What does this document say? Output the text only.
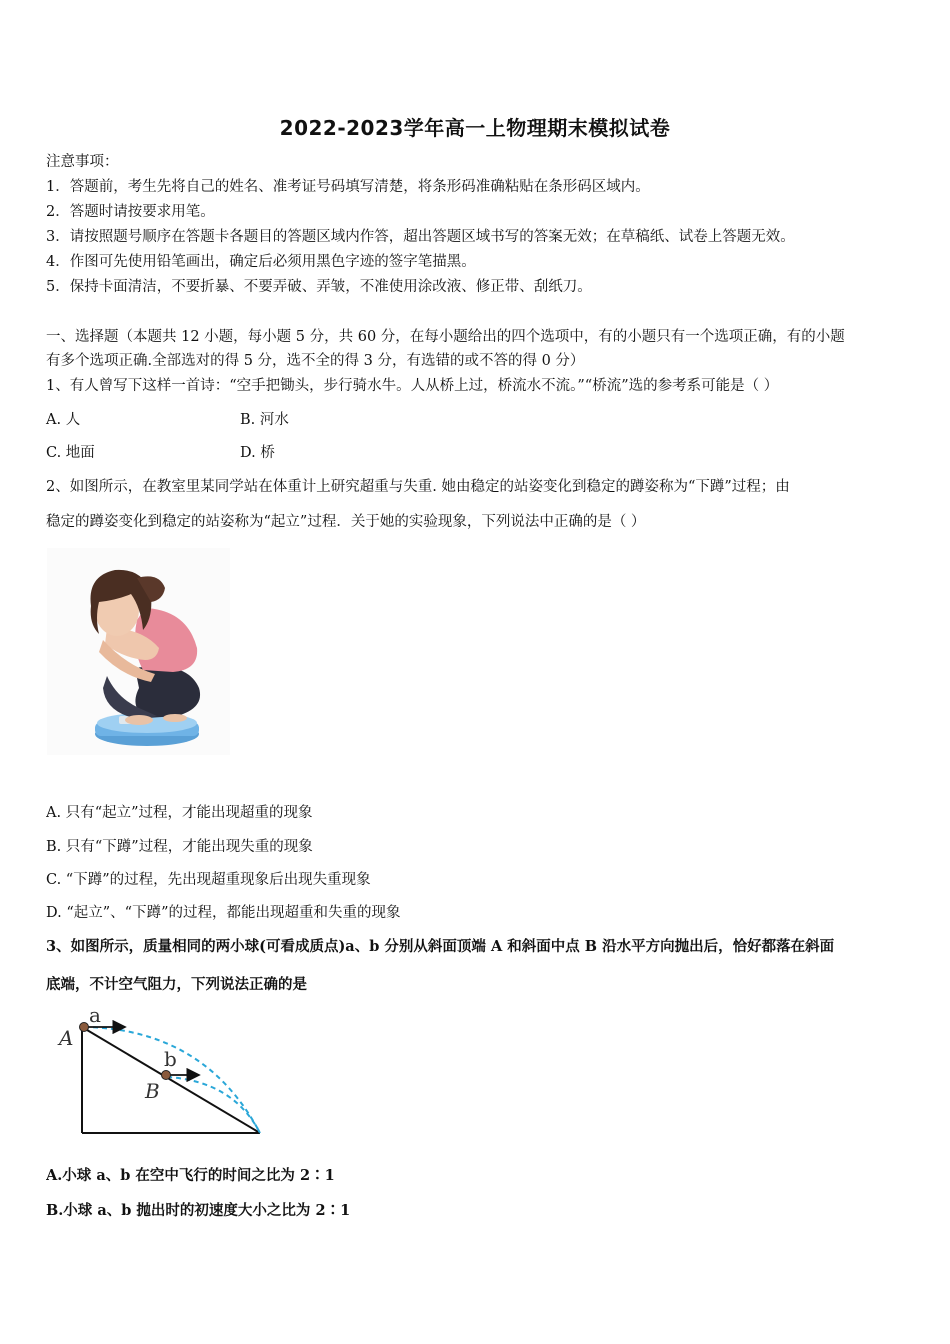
2022-2023学年高一上物理期末模拟试卷
注意事项：
1．答题前，考生先将自己的姓名、准考证号码填写清楚，将条形码准确粘贴在条形码区域内。
2．答题时请按要求用笔。
3．请按照题号顺序在答题卡各题目的答题区域内作答，超出答题区域书写的答案无效；在草稿纸、试卷上答题无效。
4．作图可先使用铅笔画出，确定后必须用黑色字迹的签字笔描黑。
5．保持卡面清洁，不要折暴、不要弄破、弄皱，不准使用涂改液、修正带、刮纸刀。
一、选择题（本题共 12 小题，每小题 5 分，共 60 分，在每小题给出的四个选项中，有的小题只有一个选项正确，有的小题
有多个选项正确.全部选对的得 5 分，选不全的得 3 分，有选错的或不答的得 0 分）
1、有人曾写下这样一首诗：“空手把锄头，步行骑水牛。人从桥上过，桥流水不流。”“桥流”选的参考系可能是（ ）
A. 人	B. 河水
C. 地面	D. 桥
2、如图所示，在教室里某同学站在体重计上研究超重与失重. 她由稳定的站姿变化到稳定的蹲姿称为“下蹲”过程；由
稳定的蹲姿变化到稳定的站姿称为“起立”过程．关于她的实验现象，下列说法中正确的是（ ）
A. 只有“起立”过程，才能出现超重的现象
B. 只有“下蹲”过程，才能出现失重的现象
C. “下蹲”的过程，先出现超重现象后出现失重现象
D. “起立”、“下蹲”的过程，都能出现超重和失重的现象
3、如图所示，质量相同的两小球(可看成质点)a、b 分别从斜面顶端 A 和斜面中点 B 沿水平方向抛出后，恰好都落在斜面
底端，不计空气阻力，下列说法正确的是
A
B
a
b
A.小球 a、b 在空中飞行的时间之比为 2∶1
B.小球 a、b 抛出时的初速度大小之比为 2∶1
